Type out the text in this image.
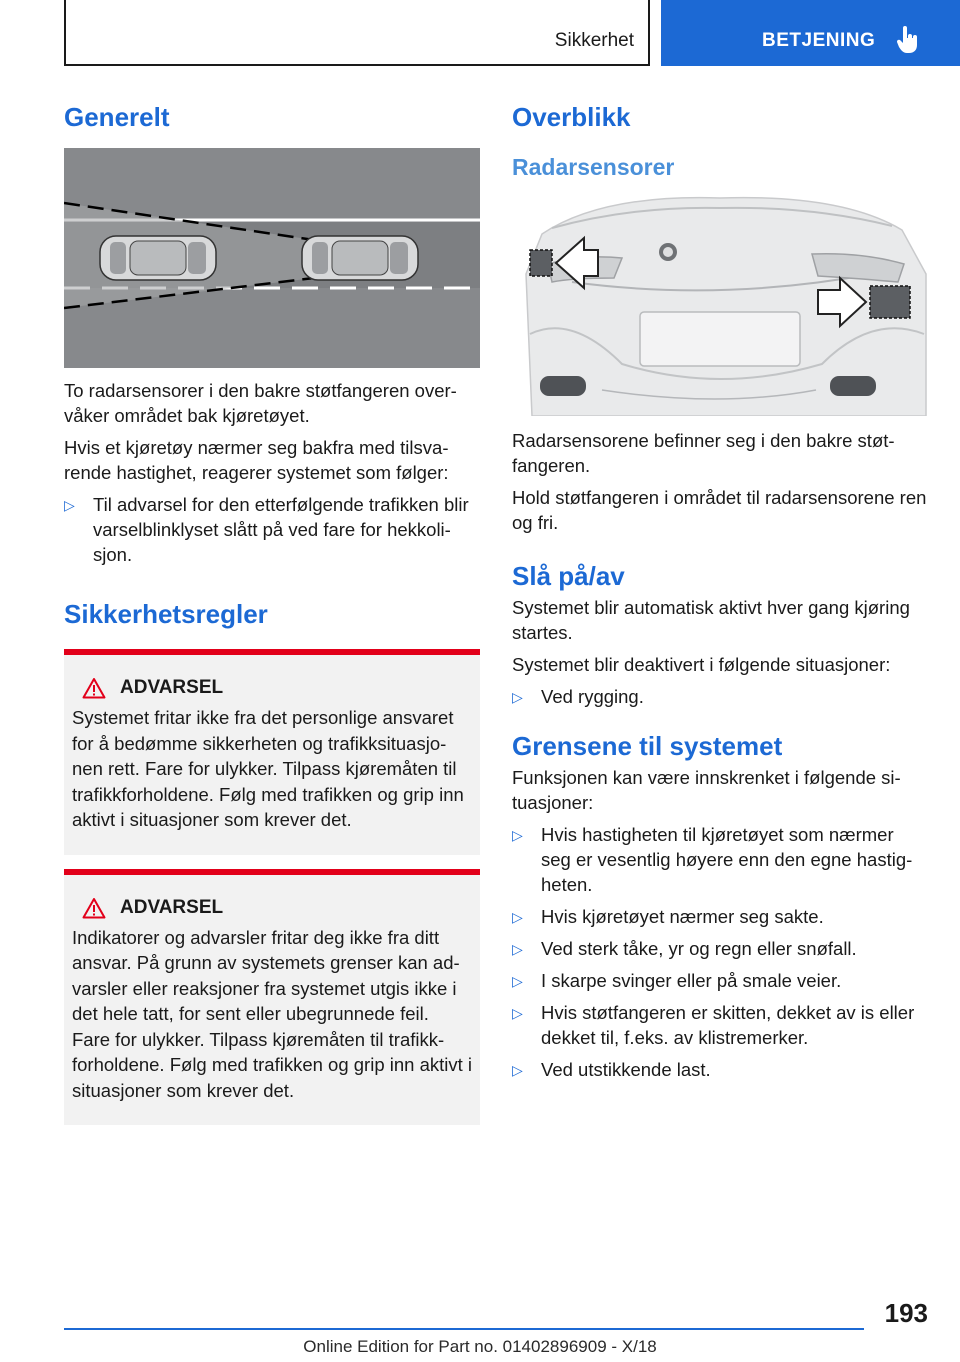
Sikkerhet	BETJENING
Generelt

To radarsensorer i den bakre støtfangeren over-våker området bak kjøretøyet.

Hvis et kjøretøy nærmer seg bakfra med tilsva-rende hastighet, reagerer systemet som følger:

▷ Til advarsel for den etterfølgende trafikken blir varselblinklyset slått på ved fare for hekkoli-sjon.
Sikkerhetsregler
ADVARSEL

Systemet fritar ikke fra det personlige ansvaret for å bedømme sikkerheten og trafikksituasjo-nen rett. Fare for ulykker. Tilpass kjøremåten til trafikkforholdene. Følg med trafikken og grip inn aktivt i situasjoner som krever det.

ADVARSEL

Indikatorer og advarsler fritar deg ikke fra ditt ansvar. På grunn av systemets grenser kan ad-varsler eller reaksjoner fra systemet utgis ikke i det hele tatt, for sent eller ubegrunnede feil. Fare for ulykker. Tilpass kjøremåten til trafikk-forholdene. Følg med trafikken og grip inn aktivt i situasjoner som krever det.

Overblikk
Radarsensorer

Radarsensorene befinner seg i den bakre støt-fangeren.

Hold støtfangeren i området til radarsensorene ren og fri.

Slå på/av

Systemet blir automatisk aktivt hver gang kjøring startes.

Systemet blir deaktivert i følgende situasjoner:

▷ Ved rygging.
Grensene til systemet

Funksjonen kan være innskrenket i følgende si-tuasjoner:

▷ Hvis hastigheten til kjøretøyet som nærmer seg er vesentlig høyere enn den egne hastig-heten.
▷ Hvis kjøretøyet nærmer seg sakte.
▷ Ved sterk tåke, yr og regn eller snøfall.
▷ I skarpe svinger eller på smale veier.
▷ Hvis støtfangeren er skitten, dekket av is eller dekket til, f.eks. av klistremerker.
▷ Ved utstikkende last.
193
Online Edition for Part no. 01402896909 - X/18
